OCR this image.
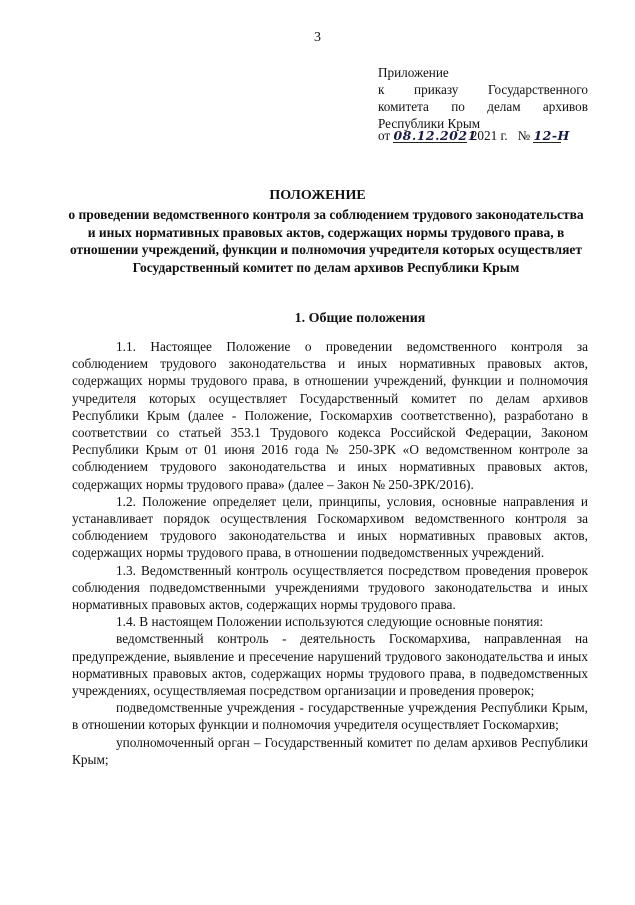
3
Приложение
к приказу Государственного
комитета по делам архивов
Республики Крым
от 08.12.2021 2021 г. № 12-Н
ПОЛОЖЕНИЕ
о проведении ведомственного контроля за соблюдением трудового законодательства и иных нормативных правовых актов, содержащих нормы трудового права, в отношении учреждений, функции и полномочия учредителя которых осуществляет Государственный комитет по делам архивов Республики Крым
1. Общие положения

1.1. Настоящее Положение о проведении ведомственного контроля за соблюдением трудового законодательства и иных нормативных правовых актов, содержащих нормы трудового права, в отношении учреждений, функции и полномочия учредителя которых осуществляет Государственный комитет по делам архивов Республики Крым (далее - Положение, Госкомархив соответственно), разработано в соответствии со статьей 353.1 Трудового кодекса Российской Федерации, Законом Республики Крым от 01 июня 2016 года № 250-ЗРК «О ведомственном контроле за соблюдением трудового законодательства и иных нормативных правовых актов, содержащих нормы трудового права» (далее – Закон № 250-ЗРК/2016).

1.2. Положение определяет цели, принципы, условия, основные направления и устанавливает порядок осуществления Госкомархивом ведомственного контроля за соблюдением трудового законодательства и иных нормативных правовых актов, содержащих нормы трудового права, в отношении подведомственных учреждений.

1.3. Ведомственный контроль осуществляется посредством проведения проверок соблюдения подведомственными учреждениями трудового законодательства и иных нормативных правовых актов, содержащих нормы трудового права.

1.4. В настоящем Положении используются следующие основные понятия:

ведомственный контроль - деятельность Госкомархива, направленная на предупреждение, выявление и пресечение нарушений трудового законодательства и иных нормативных правовых актов, содержащих нормы трудового права, в подведомственных учреждениях, осуществляемая посредством организации и проведения проверок;

подведомственные учреждения - государственные учреждения Республики Крым, в отношении которых функции и полномочия учредителя осуществляет Госкомархив;

уполномоченный орган – Государственный комитет по делам архивов Республики Крым;
